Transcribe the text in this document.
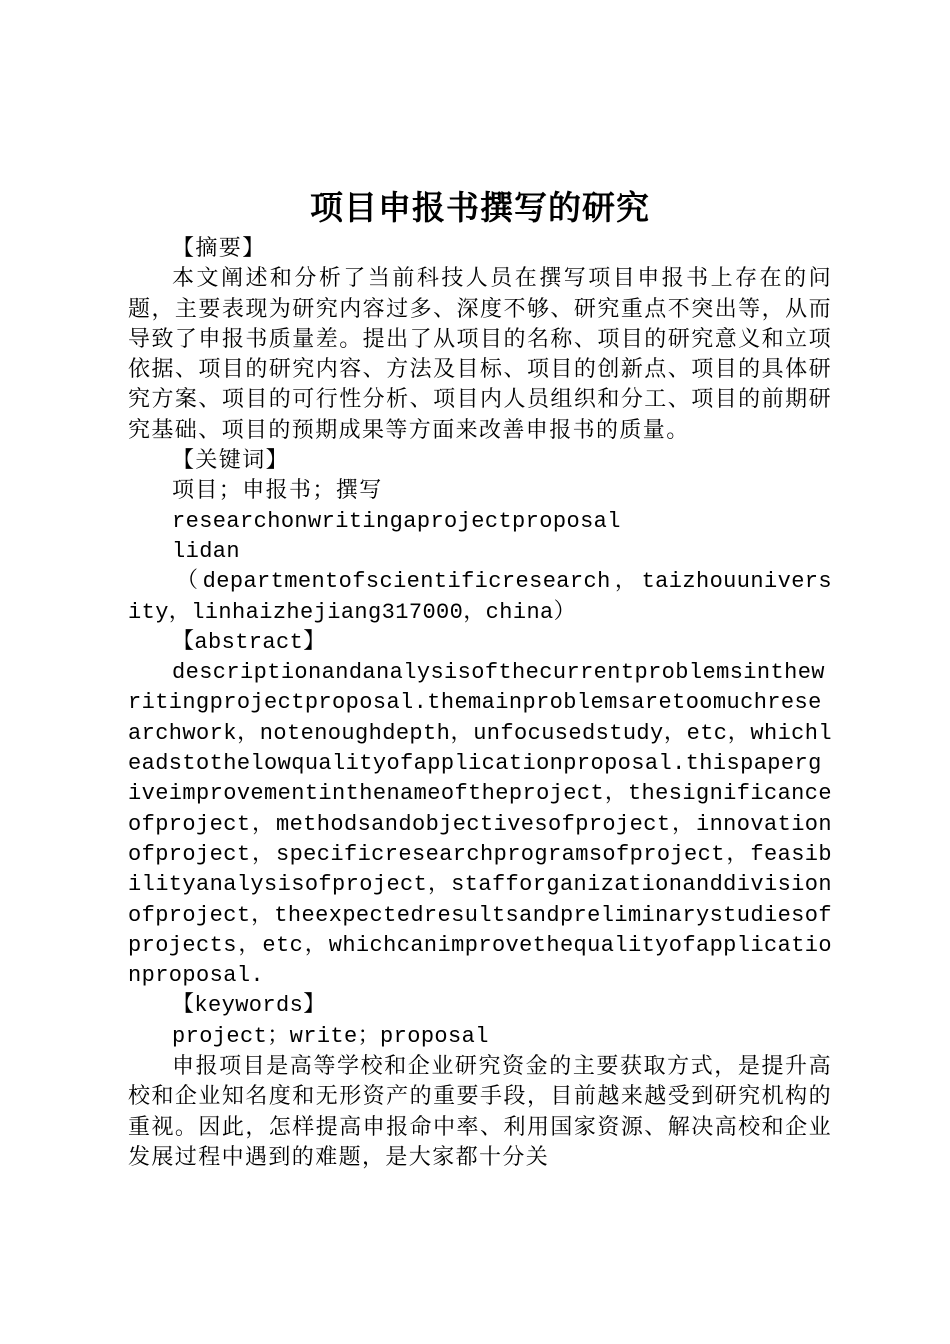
项目申报书撰写的研究

【摘要】

本文阐述和分析了当前科技人员在撰写项目申报书上存在的问题，主要表现为研究内容过多、深度不够、研究重点不突出等，从而导致了申报书质量差。提出了从项目的名称、项目的研究意义和立项依据、项目的研究内容、方法及目标、项目的创新点、项目的具体研究方案、项目的可行性分析、项目内人员组织和分工、项目的前期研究基础、项目的预期成果等方面来改善申报书的质量。

【关键词】

项目；申报书；撰写

researchonwritingaprojectproposal

lidan

（departmentofscientificresearch，taizhouuniversity，linhaizhejiang317000，china）

【abstract】

descriptionandanalysisofthecurrentproblemsinthewritingprojectproposal.themainproblemsaretoomuchresearchwork，notenoughdepth，unfocusedstudy，etc，whichleadstothelowqualityofapplicationproposal.thispapergiveimprovementinthenameoftheproject，thesignificanceofproject，methodsandobjectivesofproject，innovationofproject，specificresearchprogramsofproject，feasibilityanalysisofproject，stafforganizationanddivisionofproject，theexpectedresultsandpreliminarystudiesofprojects，etc，whichcanimprovethequalityofapplicationproposal.

【keywords】

project；write；proposal

申报项目是高等学校和企业研究资金的主要获取方式，是提升高校和企业知名度和无形资产的重要手段，目前越来越受到研究机构的重视。因此，怎样提高申报命中率、利用国家资源、解决高校和企业发展过程中遇到的难题，是大家都十分关
